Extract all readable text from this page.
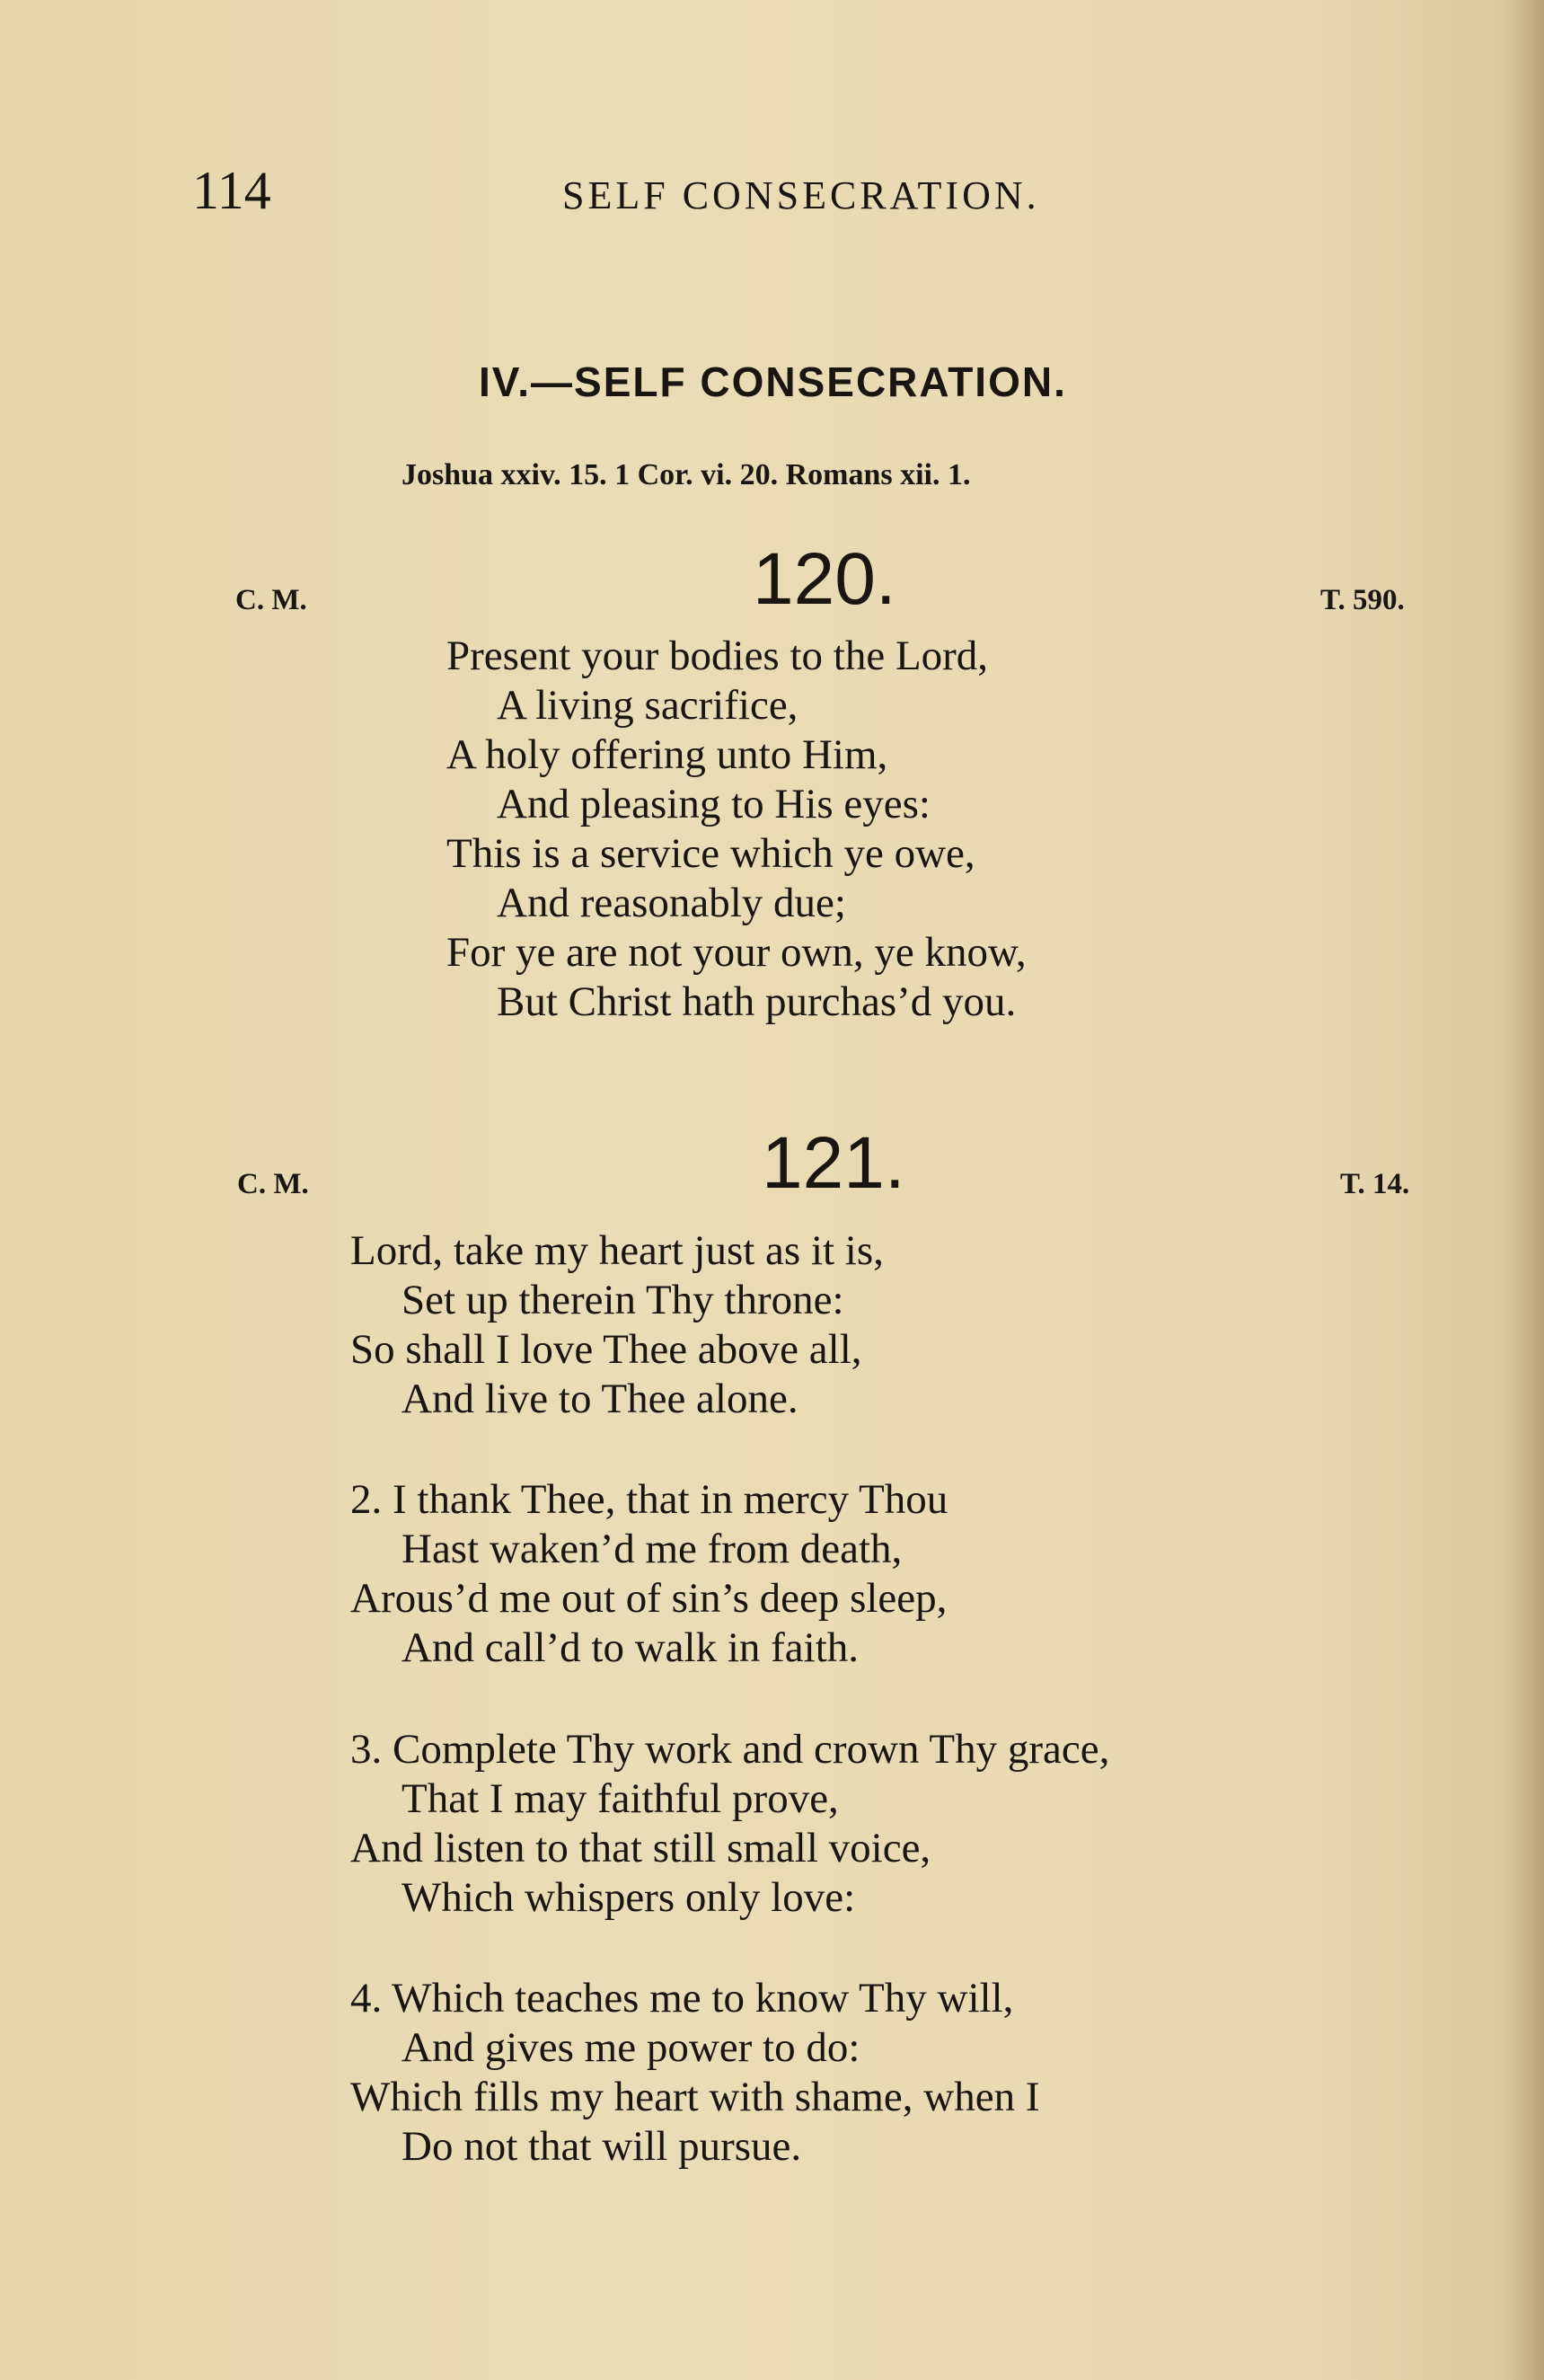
114	SELF CONSECRATION.
IV.—SELF CONSECRATION.
Joshua xxiv. 15. 1 Cor. vi. 20. Romans xii. 1.
C. M.	120.	T. 590.
Present your bodies to the Lord,
A living sacrifice,
A holy offering unto Him,
And pleasing to His eyes:
This is a service which ye owe,
And reasonably due;
For ye are not your own, ye know,
But Christ hath purchas’d you.
C. M.	121.	T. 14.
Lord, take my heart just as it is,
Set up therein Thy throne:
So shall I love Thee above all,
And live to Thee alone.
2. I thank Thee, that in mercy Thou
Hast waken’d me from death,
Arous’d me out of sin’s deep sleep,
And call’d to walk in faith.
3. Complete Thy work and crown Thy grace,
That I may faithful prove,
And listen to that still small voice,
Which whispers only love:
4. Which teaches me to know Thy will,
And gives me power to do:
Which fills my heart with shame, when I
Do not that will pursue.
